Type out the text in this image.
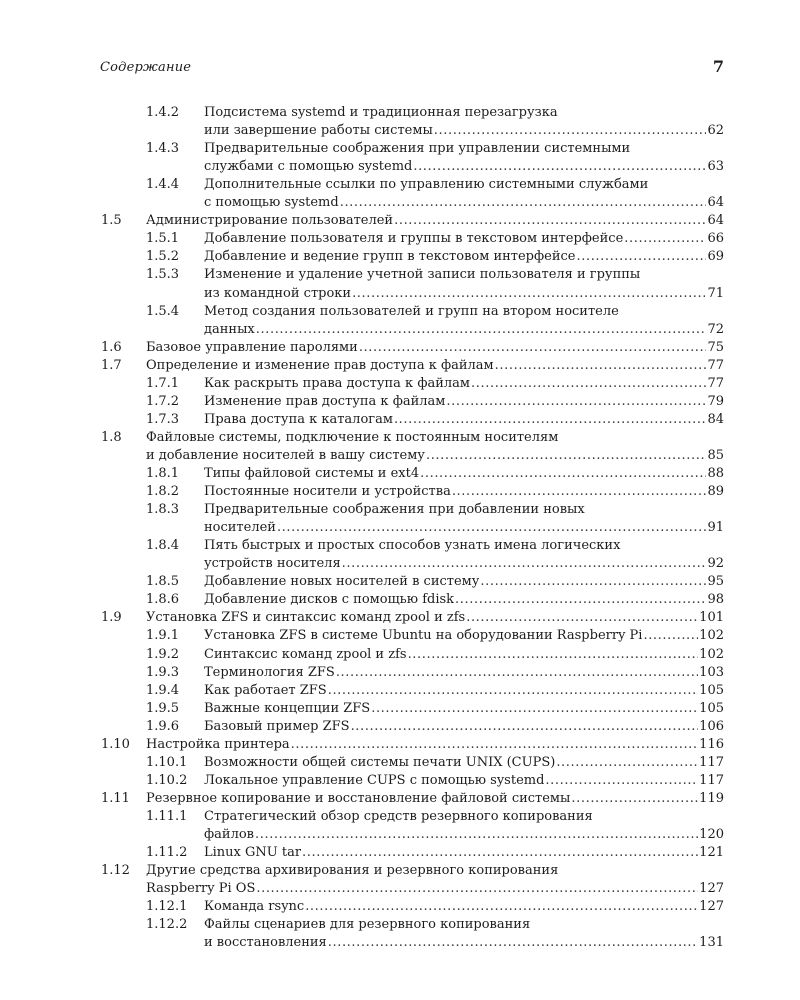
Содержание	7
1.4.2 Подсистема systemd и традиционная перезагрузка
или завершение работы системы .....	62
1.4.3 Предварительные соображения при управлении системными
службами с помощью systemd .....	63
1.4.4 Дополнительные ссылки по управлению системными службами
с помощью systemd .....	64
1.5 Администрирование пользователей .....	64
1.5.1 Добавление пользователя и группы в текстовом интерфейсе .....	66
1.5.2 Добавление и ведение групп в текстовом интерфейсе .....	69
1.5.3 Изменение и удаление учетной записи пользователя и группы
из командной строки .....	71
1.5.4 Метод создания пользователей и групп на втором носителе
данных .....	72
1.6 Базовое управление паролями .....	75
1.7 Определение и изменение прав доступа к файлам .....	77
1.7.1 Как раскрыть права доступа к файлам .....	77
1.7.2 Изменение прав доступа к файлам .....	79
1.7.3 Права доступа к каталогам .....	84
1.8 Файловые системы, подключение к постоянным носителям
и добавление носителей в вашу систему .....	85
1.8.1 Типы файловой системы и ext4 .....	88
1.8.2 Постоянные носители и устройства .....	89
1.8.3 Предварительные соображения при добавлении новых
носителей .....	91
1.8.4 Пять быстрых и простых способов узнать имена логических
устройств носителя .....	92
1.8.5 Добавление новых носителей в систему .....	95
1.8.6 Добавление дисков с помощью fdisk .....	98
1.9 Установка ZFS и синтаксис команд zpool и zfs .....	101
1.9.1 Установка ZFS в системе Ubuntu на оборудовании Raspberry Pi .....	102
1.9.2 Синтаксис команд zpool и zfs .....	102
1.9.3 Терминология ZFS .....	103
1.9.4 Как работает ZFS .....	105
1.9.5 Важные концепции ZFS .....	105
1.9.6 Базовый пример ZFS .....	106
1.10 Настройка принтера .....	116
1.10.1 Возможности общей системы печати UNIX (CUPS) .....	117
1.10.2 Локальное управление CUPS с помощью systemd .....	117
1.11 Резервное копирование и восстановление файловой системы .....	119
1.11.1 Стратегический обзор средств резервного копирования
файлов .....	120
1.11.2 Linux GNU tar .....	121
1.12 Другие средства архивирования и резервного копирования
Raspberry Pi OS .....	127
1.12.1 Команда rsync .....	127
1.12.2 Файлы сценариев для резервного копирования
и восстановления .....	131
